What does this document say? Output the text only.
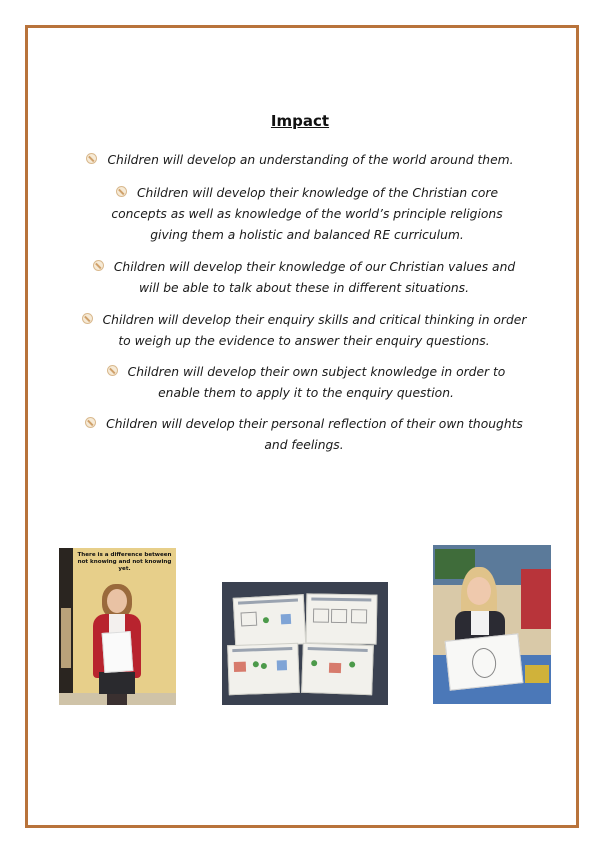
Impact
Children will develop an understanding of the world around them.
Children will develop their knowledge of the Christian core concepts as well as knowledge of the world’s principle religions giving them a holistic and balanced RE curriculum.
Children will develop their knowledge of our Christian values and will be able to talk about these in different situations.
Children will develop their enquiry skills and critical thinking in order to weigh up the evidence to answer their enquiry questions.
Children will develop their own subject knowledge in order to enable them to apply it to the enquiry question.
Children will develop their personal reflection of their own thoughts and feelings.
There is a difference between not knowing and not knowing yet.
